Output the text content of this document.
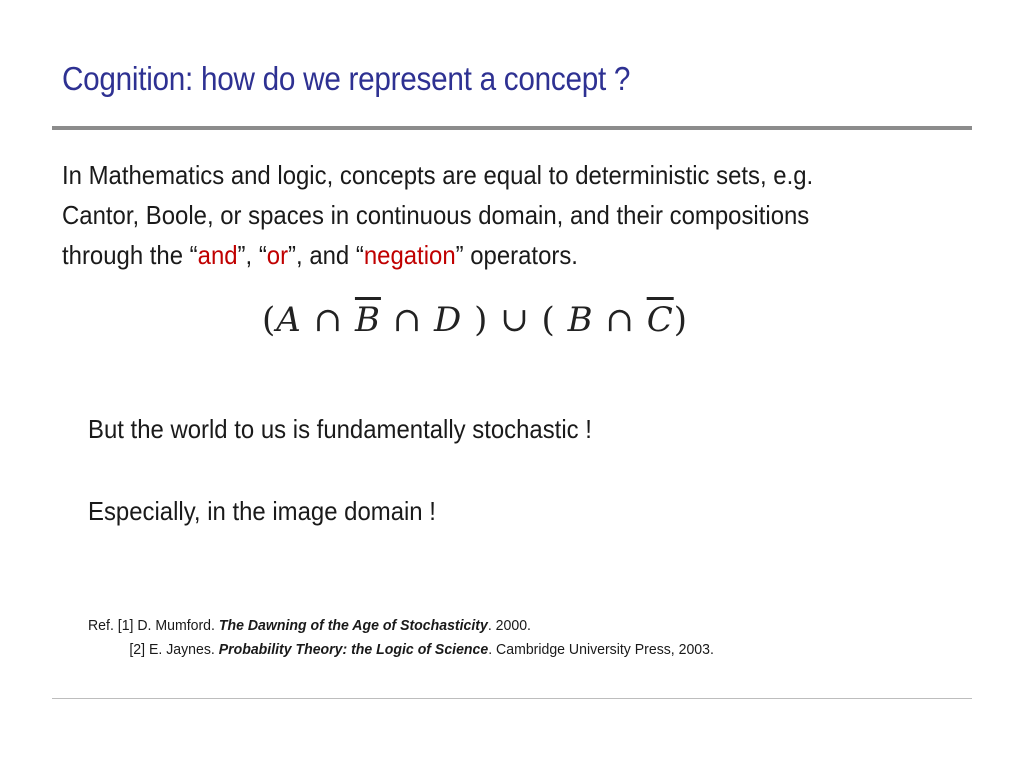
Cognition: how do we represent a concept ?
In Mathematics and logic, concepts are equal to deterministic sets, e.g.
Cantor, Boole, or spaces in continuous domain, and their compositions
through the “and”, “or”, and “negation” operators.
(A ∩ $\overline{B}$ ∩ D ) ∪ ( B ∩ $\overline{C}$)
But the world to us is fundamentally stochastic !
Especially, in the image domain !
Ref. [1] D. Mumford. The Dawning of the Age of Stochasticity. 2000.
[2] E. Jaynes. Probability Theory: the Logic of Science. Cambridge University Press, 2003.
